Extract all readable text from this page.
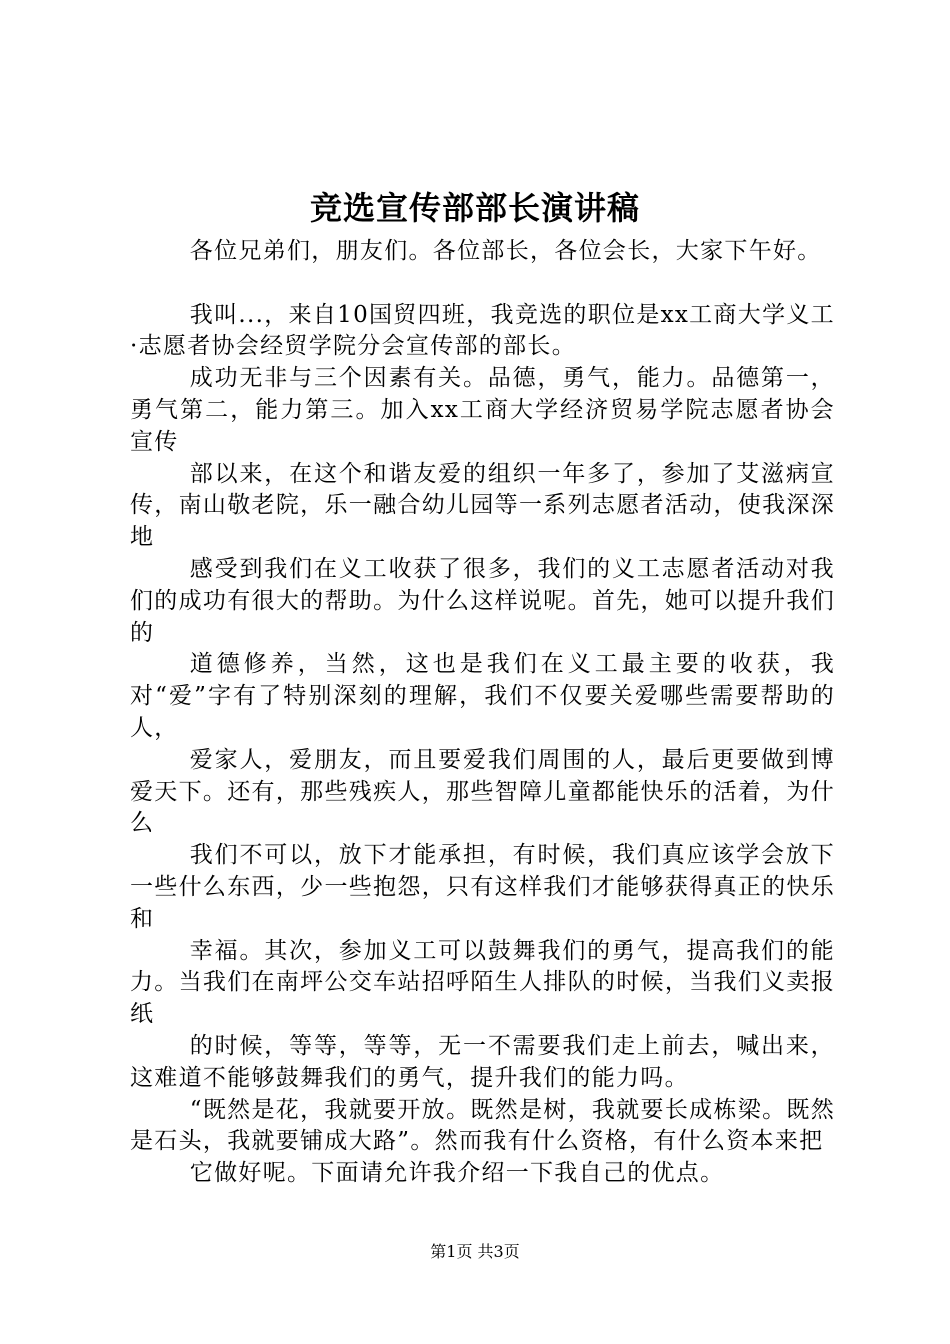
竞选宣传部部长演讲稿

各位兄弟们，朋友们。各位部长，各位会长，大家下午好。

我叫...，来自10国贸四班，我竞选的职位是xx工商大学义工·志愿者协会经贸学院分会宣传部的部长。

成功无非与三个因素有关。品德，勇气，能力。品德第一，勇气第二，能力第三。加入xx工商大学经济贸易学院志愿者协会宣传

部以来，在这个和谐友爱的组织一年多了，参加了艾滋病宣传，南山敬老院，乐一融合幼儿园等一系列志愿者活动，使我深深地

感受到我们在义工收获了很多，我们的义工志愿者活动对我们的成功有很大的帮助。为什么这样说呢。首先，她可以提升我们的

道德修养，当然，这也是我们在义工最主要的收获，我对“爱”字有了特别深刻的理解，我们不仅要关爱哪些需要帮助的人，

爱家人，爱朋友，而且要爱我们周围的人，最后更要做到博爱天下。还有，那些残疾人，那些智障儿童都能快乐的活着，为什么

我们不可以，放下才能承担，有时候，我们真应该学会放下一些什么东西，少一些抱怨，只有这样我们才能够获得真正的快乐和

幸福。其次，参加义工可以鼓舞我们的勇气，提高我们的能力。当我们在南坪公交车站招呼陌生人排队的时候，当我们义卖报纸

的时候，等等，等等，无一不需要我们走上前去，喊出来，这难道不能够鼓舞我们的勇气，提升我们的能力吗。

“既然是花，我就要开放。既然是树，我就要长成栋梁。既然是石头，我就要铺成大路”。然而我有什么资格，有什么资本来把

它做好呢。下面请允许我介绍一下我自己的优点。

第1页 共3页
